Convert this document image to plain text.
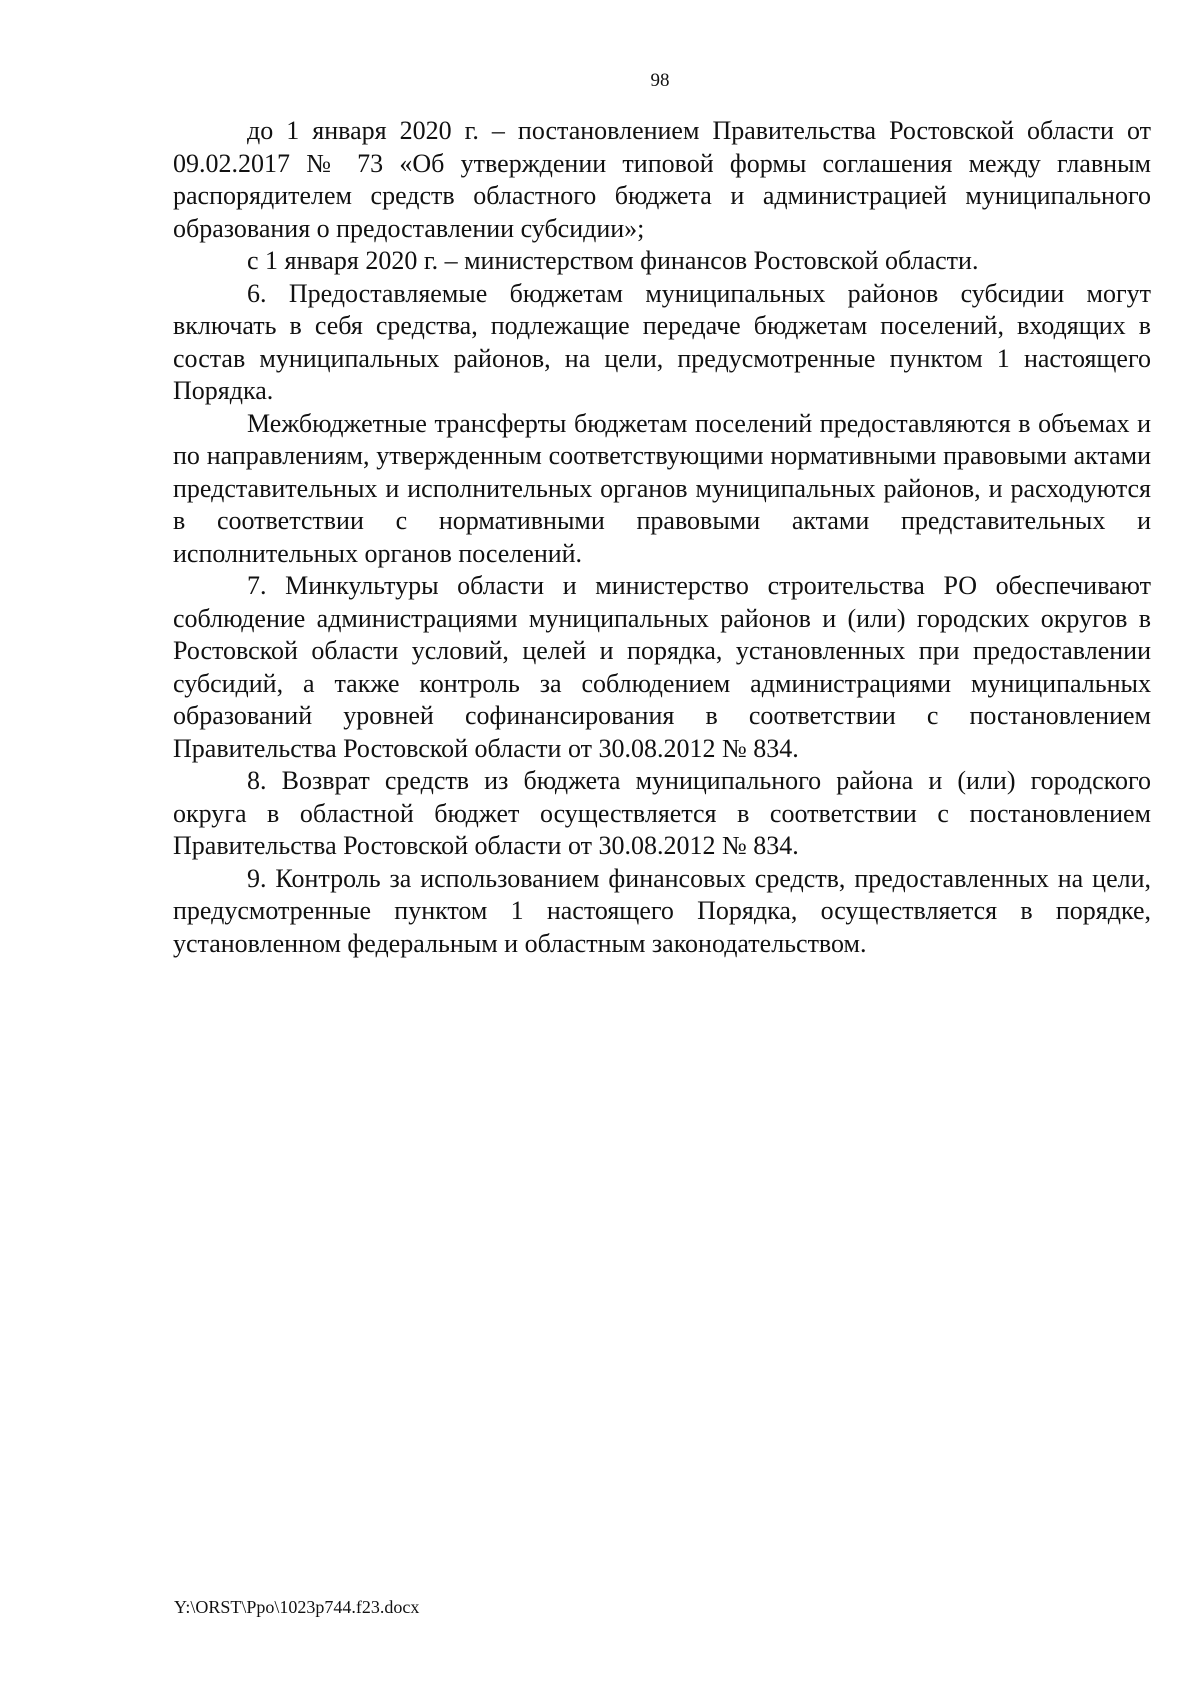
98

до 1 января 2020 г. – постановлением Правительства Ростовской области от 09.02.2017 № 73 «Об утверждении типовой формы соглашения между главным распорядителем средств областного бюджета и администрацией муниципального образования о предоставлении субсидии»;

с 1 января 2020 г. – министерством финансов Ростовской области.

6. Предоставляемые бюджетам муниципальных районов субсидии могут включать в себя средства, подлежащие передаче бюджетам поселений, входящих в состав муниципальных районов, на цели, предусмотренные пунктом 1 настоящего Порядка.

Межбюджетные трансферты бюджетам поселений предоставляются в объемах и по направлениям, утвержденным соответствующими нормативными правовыми актами представительных и исполнительных органов муниципальных районов, и расходуются в соответствии с нормативными правовыми актами представительных и исполнительных органов поселений.

7. Минкультуры области и министерство строительства РО обеспечивают соблюдение администрациями муниципальных районов и (или) городских округов в Ростовской области условий, целей и порядка, установленных при предоставлении субсидий, а также контроль за соблюдением администрациями муниципальных образований уровней софинансирования в соответствии с постановлением Правительства Ростовской области от 30.08.2012 № 834.

8. Возврат средств из бюджета муниципального района и (или) городского округа в областной бюджет осуществляется в соответствии с постановлением Правительства Ростовской области от 30.08.2012 № 834.

9. Контроль за использованием финансовых средств, предоставленных на цели, предусмотренные пунктом 1 настоящего Порядка, осуществляется в порядке, установленном федеральным и областным законодательством.

Y:\ORST\Ppo\1023p744.f23.docx
